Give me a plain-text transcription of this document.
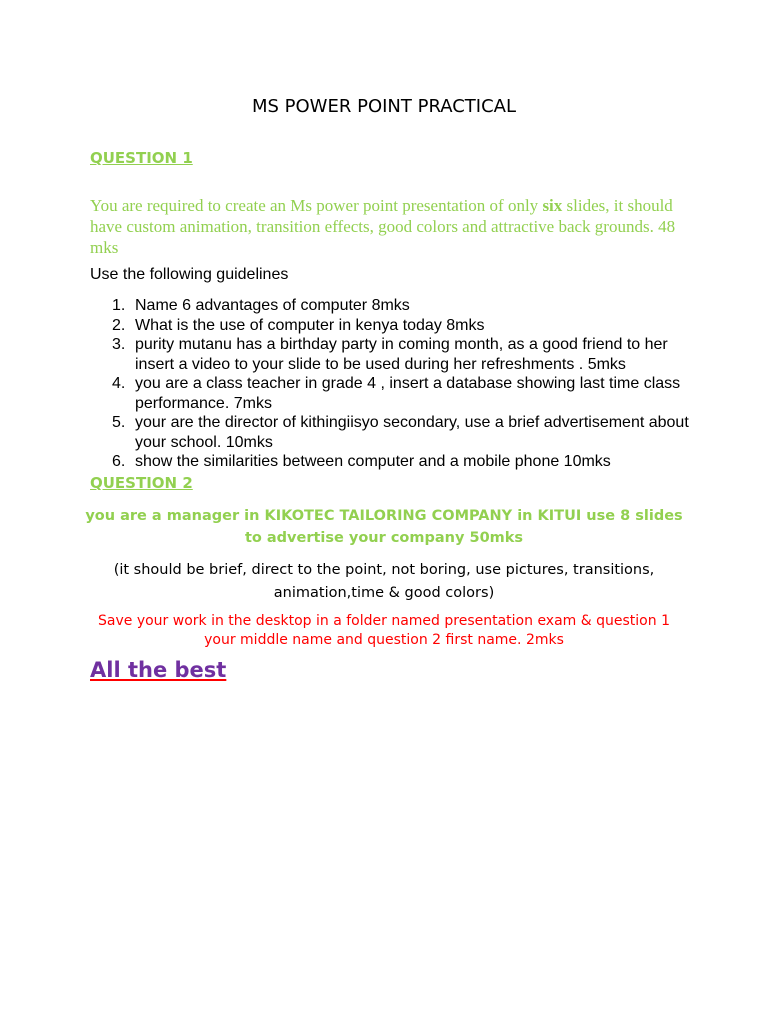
MS POWER POINT PRACTICAL
QUESTION 1
You are required to create an Ms power point presentation of only six slides, it should have custom animation, transition effects, good colors and attractive back grounds. 48 mks
Use the following guidelines
1. Name 6 advantages of computer 8mks
2. What is the use of computer in kenya today 8mks
3. purity mutanu has a birthday party in coming month, as a good friend to her insert a video to your slide to be used during her refreshments . 5mks
4. you are a class teacher in grade 4 , insert a database showing last time class performance. 7mks
5. your are the director of kithingiisyo secondary, use a brief advertisement about your school. 10mks
6. show the similarities between computer and a mobile phone 10mks
QUESTION 2
you are a manager in KIKOTEC TAILORING COMPANY in KITUI use 8 slides to advertise your company 50mks
(it should be brief, direct to the point, not boring, use pictures, transitions, animation,time & good colors)
Save your work in the desktop in a folder named presentation exam & question 1 your middle name and question 2 first name. 2mks
All the best
